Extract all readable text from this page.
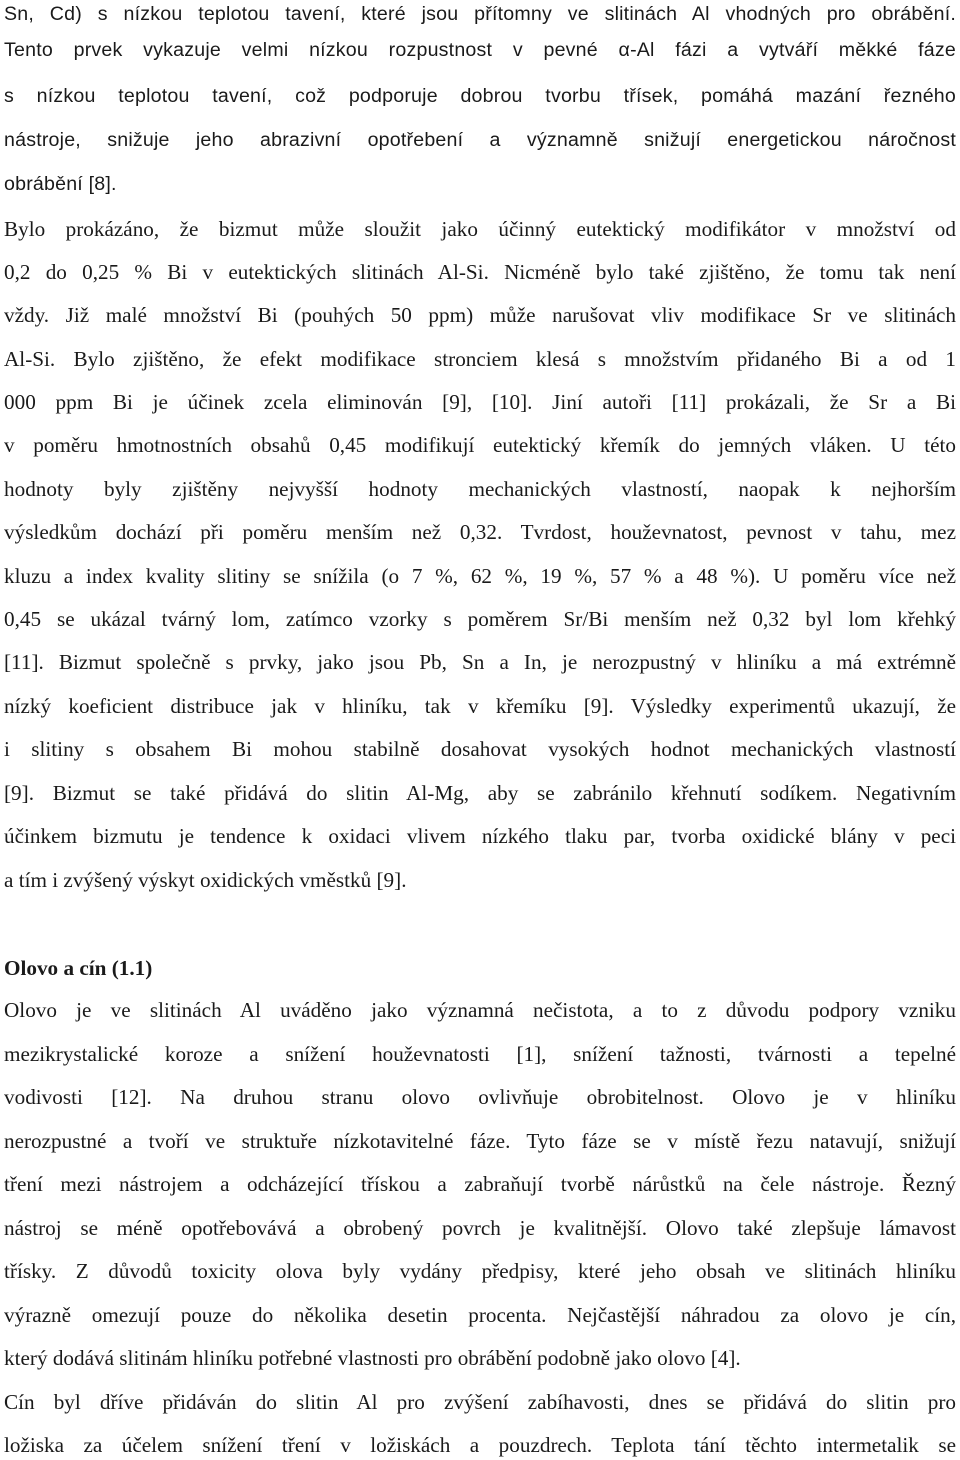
Sn, Cd) s nízkou teplotou tavení, které jsou přítomny ve slitinách Al vhodných pro obrábění.
Tento prvek vykazuje velmi nízkou rozpustnost v pevné α-Al fázi a vytváří měkké fáze
s nízkou teplotou tavení, což podporuje dobrou tvorbu třísek, pomáhá mazání řezného
nástroje, snižuje jeho abrazivní opotřebení a významně snižují energetickou náročnost
obrábění [8].
Bylo prokázáno, že bizmut může sloužit jako účinný eutektický modifikátor v množství od
0,2 do 0,25 % Bi v eutektických slitinách Al-Si. Nicméně bylo také zjištěno, že tomu tak není
vždy. Již malé množství Bi (pouhých 50 ppm) může narušovat vliv modifikace Sr ve slitinách
Al-Si. Bylo zjištěno, že efekt modifikace stronciem klesá s množstvím přidaného Bi a od 1
000 ppm Bi je účinek zcela eliminován [9], [10]. Jiní autoři [11] prokázali, že Sr a Bi
v poměru hmotnostních obsahů 0,45 modifikují eutektický křemík do jemných vláken. U této
hodnoty byly zjištěny nejvyšší hodnoty mechanických vlastností, naopak k nejhorším
výsledkům dochází při poměru menším než 0,32. Tvrdost, houževnatost, pevnost v tahu, mez
kluzu a index kvality slitiny se snížila (o 7 %, 62 %, 19 %, 57 % a 48 %). U poměru více než
0,45 se ukázal tvárný lom, zatímco vzorky s poměrem Sr/Bi menším než 0,32 byl lom křehký
[11]. Bizmut společně s prvky, jako jsou Pb, Sn a In, je nerozpustný v hliníku a má extrémně
nízký koeficient distribuce jak v hliníku, tak v křemíku [9]. Výsledky experimentů ukazují, že
i slitiny s obsahem Bi mohou stabilně dosahovat vysokých hodnot mechanických vlastností
[9]. Bizmut se také přidává do slitin Al-Mg, aby se zabránilo křehnutí sodíkem. Negativním
účinkem bizmutu je tendence k oxidaci vlivem nízkého tlaku par, tvorba oxidické blány v peci
a tím i zvýšený výskyt oxidických vměstků [9].
Olovo a cín (1.1)
Olovo je ve slitinách Al uváděno jako významná nečistota, a to z důvodu podpory vzniku
mezikrystalické koroze a snížení houževnatosti [1], snížení tažnosti, tvárnosti a tepelné
vodivosti [12]. Na druhou stranu olovo ovlivňuje obrobitelnost. Olovo je v hliníku
nerozpustné a tvoří ve struktuře nízkotavitelné fáze. Tyto fáze se v místě řezu natavují, snižují
tření mezi nástrojem a odcházející třískou a zabraňují tvorbě nárůstků na čele nástroje. Řezný
nástroj se méně opotřebovává a obrobený povrch je kvalitnější. Olovo také zlepšuje lámavost
třísky. Z důvodů toxicity olova byly vydány předpisy, které jeho obsah ve slitinách hliníku
výrazně omezují pouze do několika desetin procenta. Nejčastější náhradou za olovo je cín,
který dodává slitinám hliníku potřebné vlastnosti pro obrábění podobně jako olovo [4].
Cín byl dříve přidáván do slitin Al pro zvýšení zabíhavosti, dnes se přidává do slitin pro
ložiska za účelem snížení tření v ložiskách a pouzdrech. Teplota tání těchto intermetalik se
